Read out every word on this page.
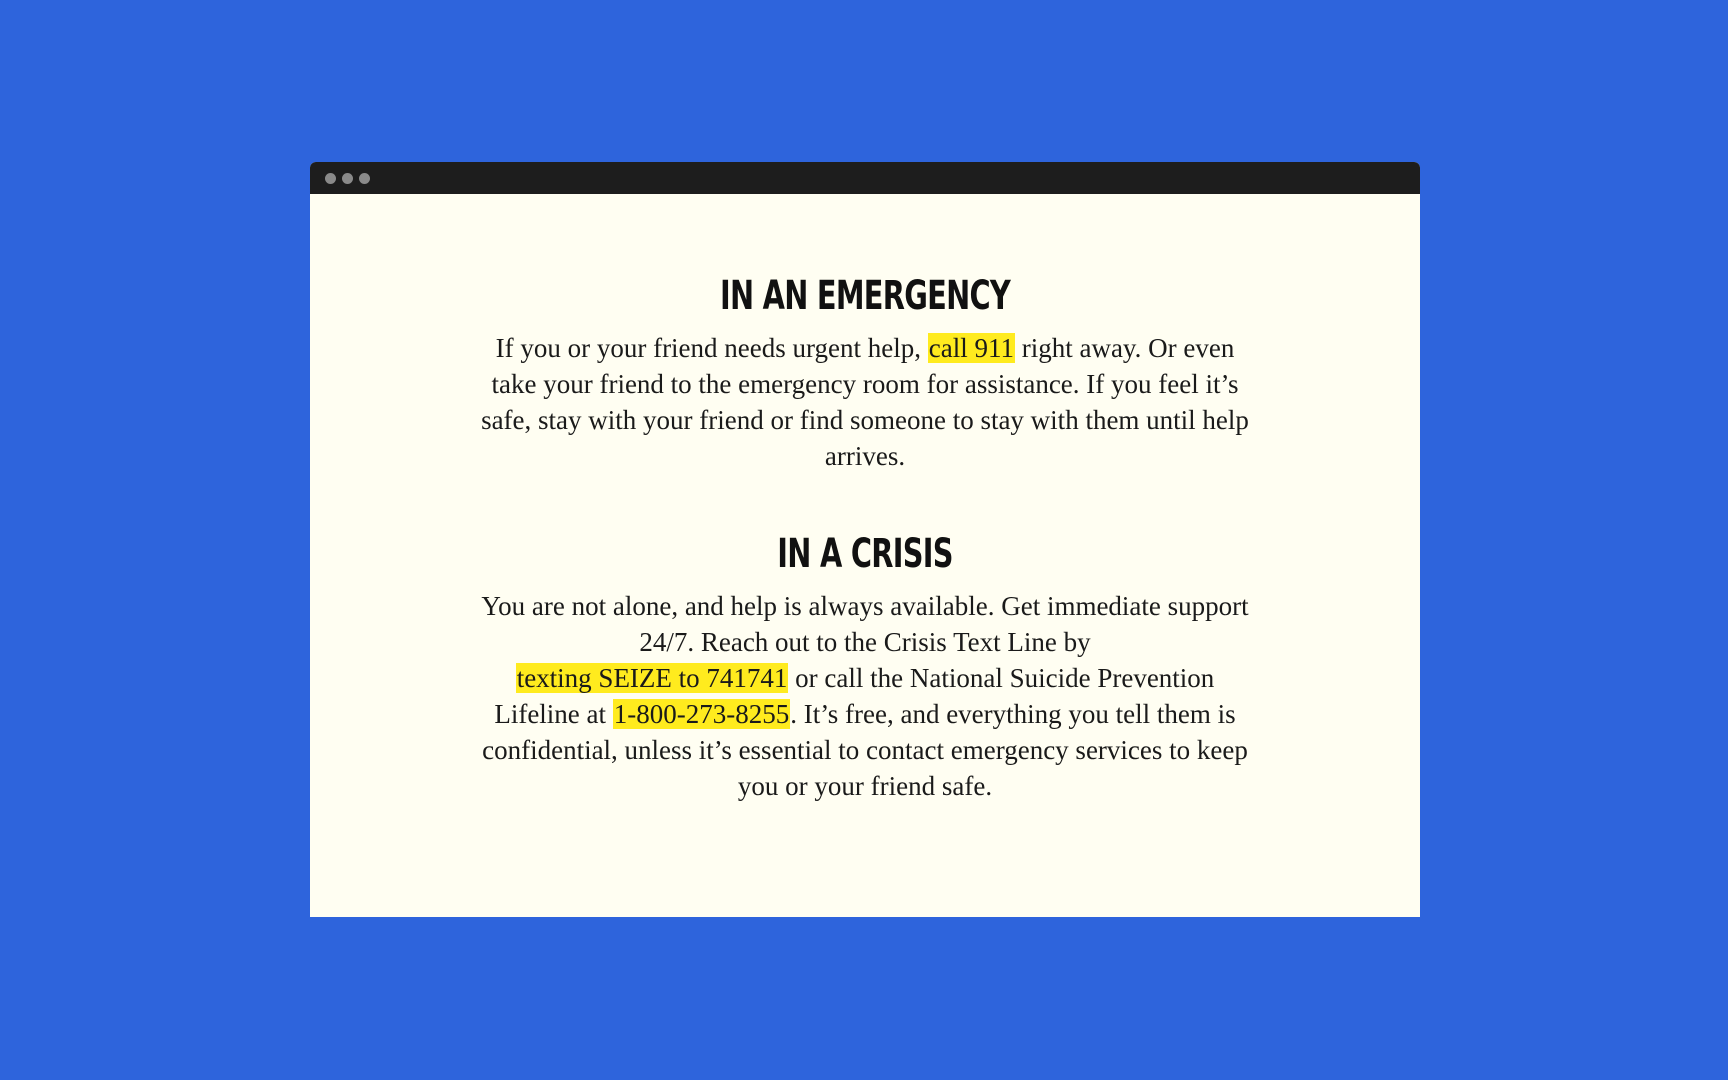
IN AN EMERGENCY

If you or your friend needs urgent help, call 911 right away. Or even take your friend to the emergency room for assistance. If you feel it’s safe, stay with your friend or find someone to stay with them until help arrives.

IN A CRISIS

You are not alone, and help is always available. Get immediate support 24/7. Reach out to the Crisis Text Line by
texting SEIZE to 741741 or call the National Suicide Prevention Lifeline at 1-800-273-8255. It’s free, and everything you tell them is confidential, unless it’s essential to contact emergency services to keep you or your friend safe.
